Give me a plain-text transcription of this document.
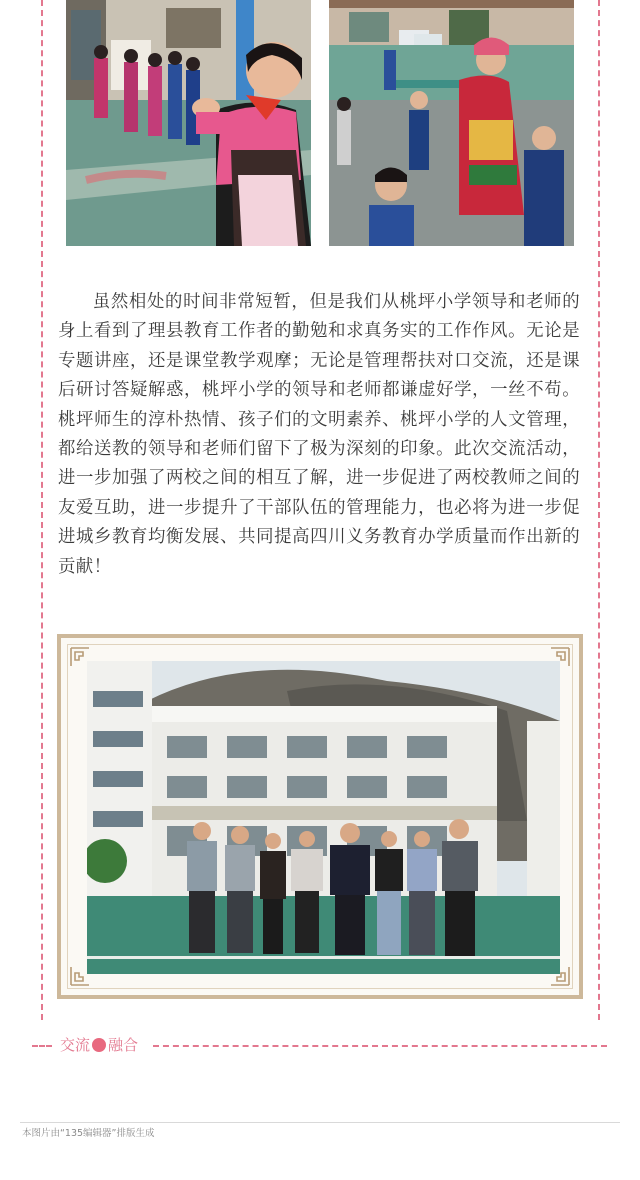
虽然相处的时间非常短暂，但是我们从桃坪小学领导和老师的身上看到了理县教育工作者的勤勉和求真务实的工作作风。无论是专题讲座，还是课堂教学观摩；无论是管理帮扶对口交流，还是课后研讨答疑解惑，桃坪小学的领导和老师都谦虚好学，一丝不苟。桃坪师生的淳朴热情、孩子们的文明素养、桃坪小学的人文管理，都给送教的领导和老师们留下了极为深刻的印象。此次交流活动，进一步加强了两校之间的相互了解，进一步促进了两校教师之间的友爱互助，进一步提升了干部队伍的管理能力，也必将为进一步促进城乡教育均衡发展、共同提高四川义务教育办学质量而作出新的贡献！

交流 融合
本图片由“135编辑器”排版生成
